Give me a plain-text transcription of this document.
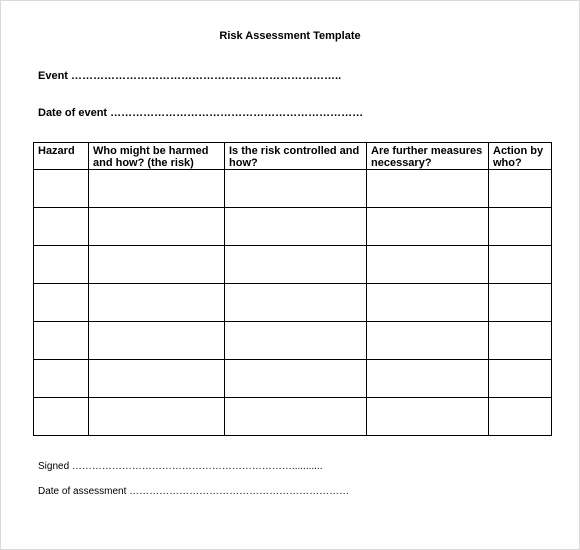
Risk Assessment Template
Event ………………………………………………………………..
Date of event ……………………………………………………………
Hazard	Who might be harmed and how? (the risk)	Is the risk controlled and how?	Are further measures necessary?	Action by who?

Signed …………………………………………………………...........
Date of assessment …………………………………………………………
